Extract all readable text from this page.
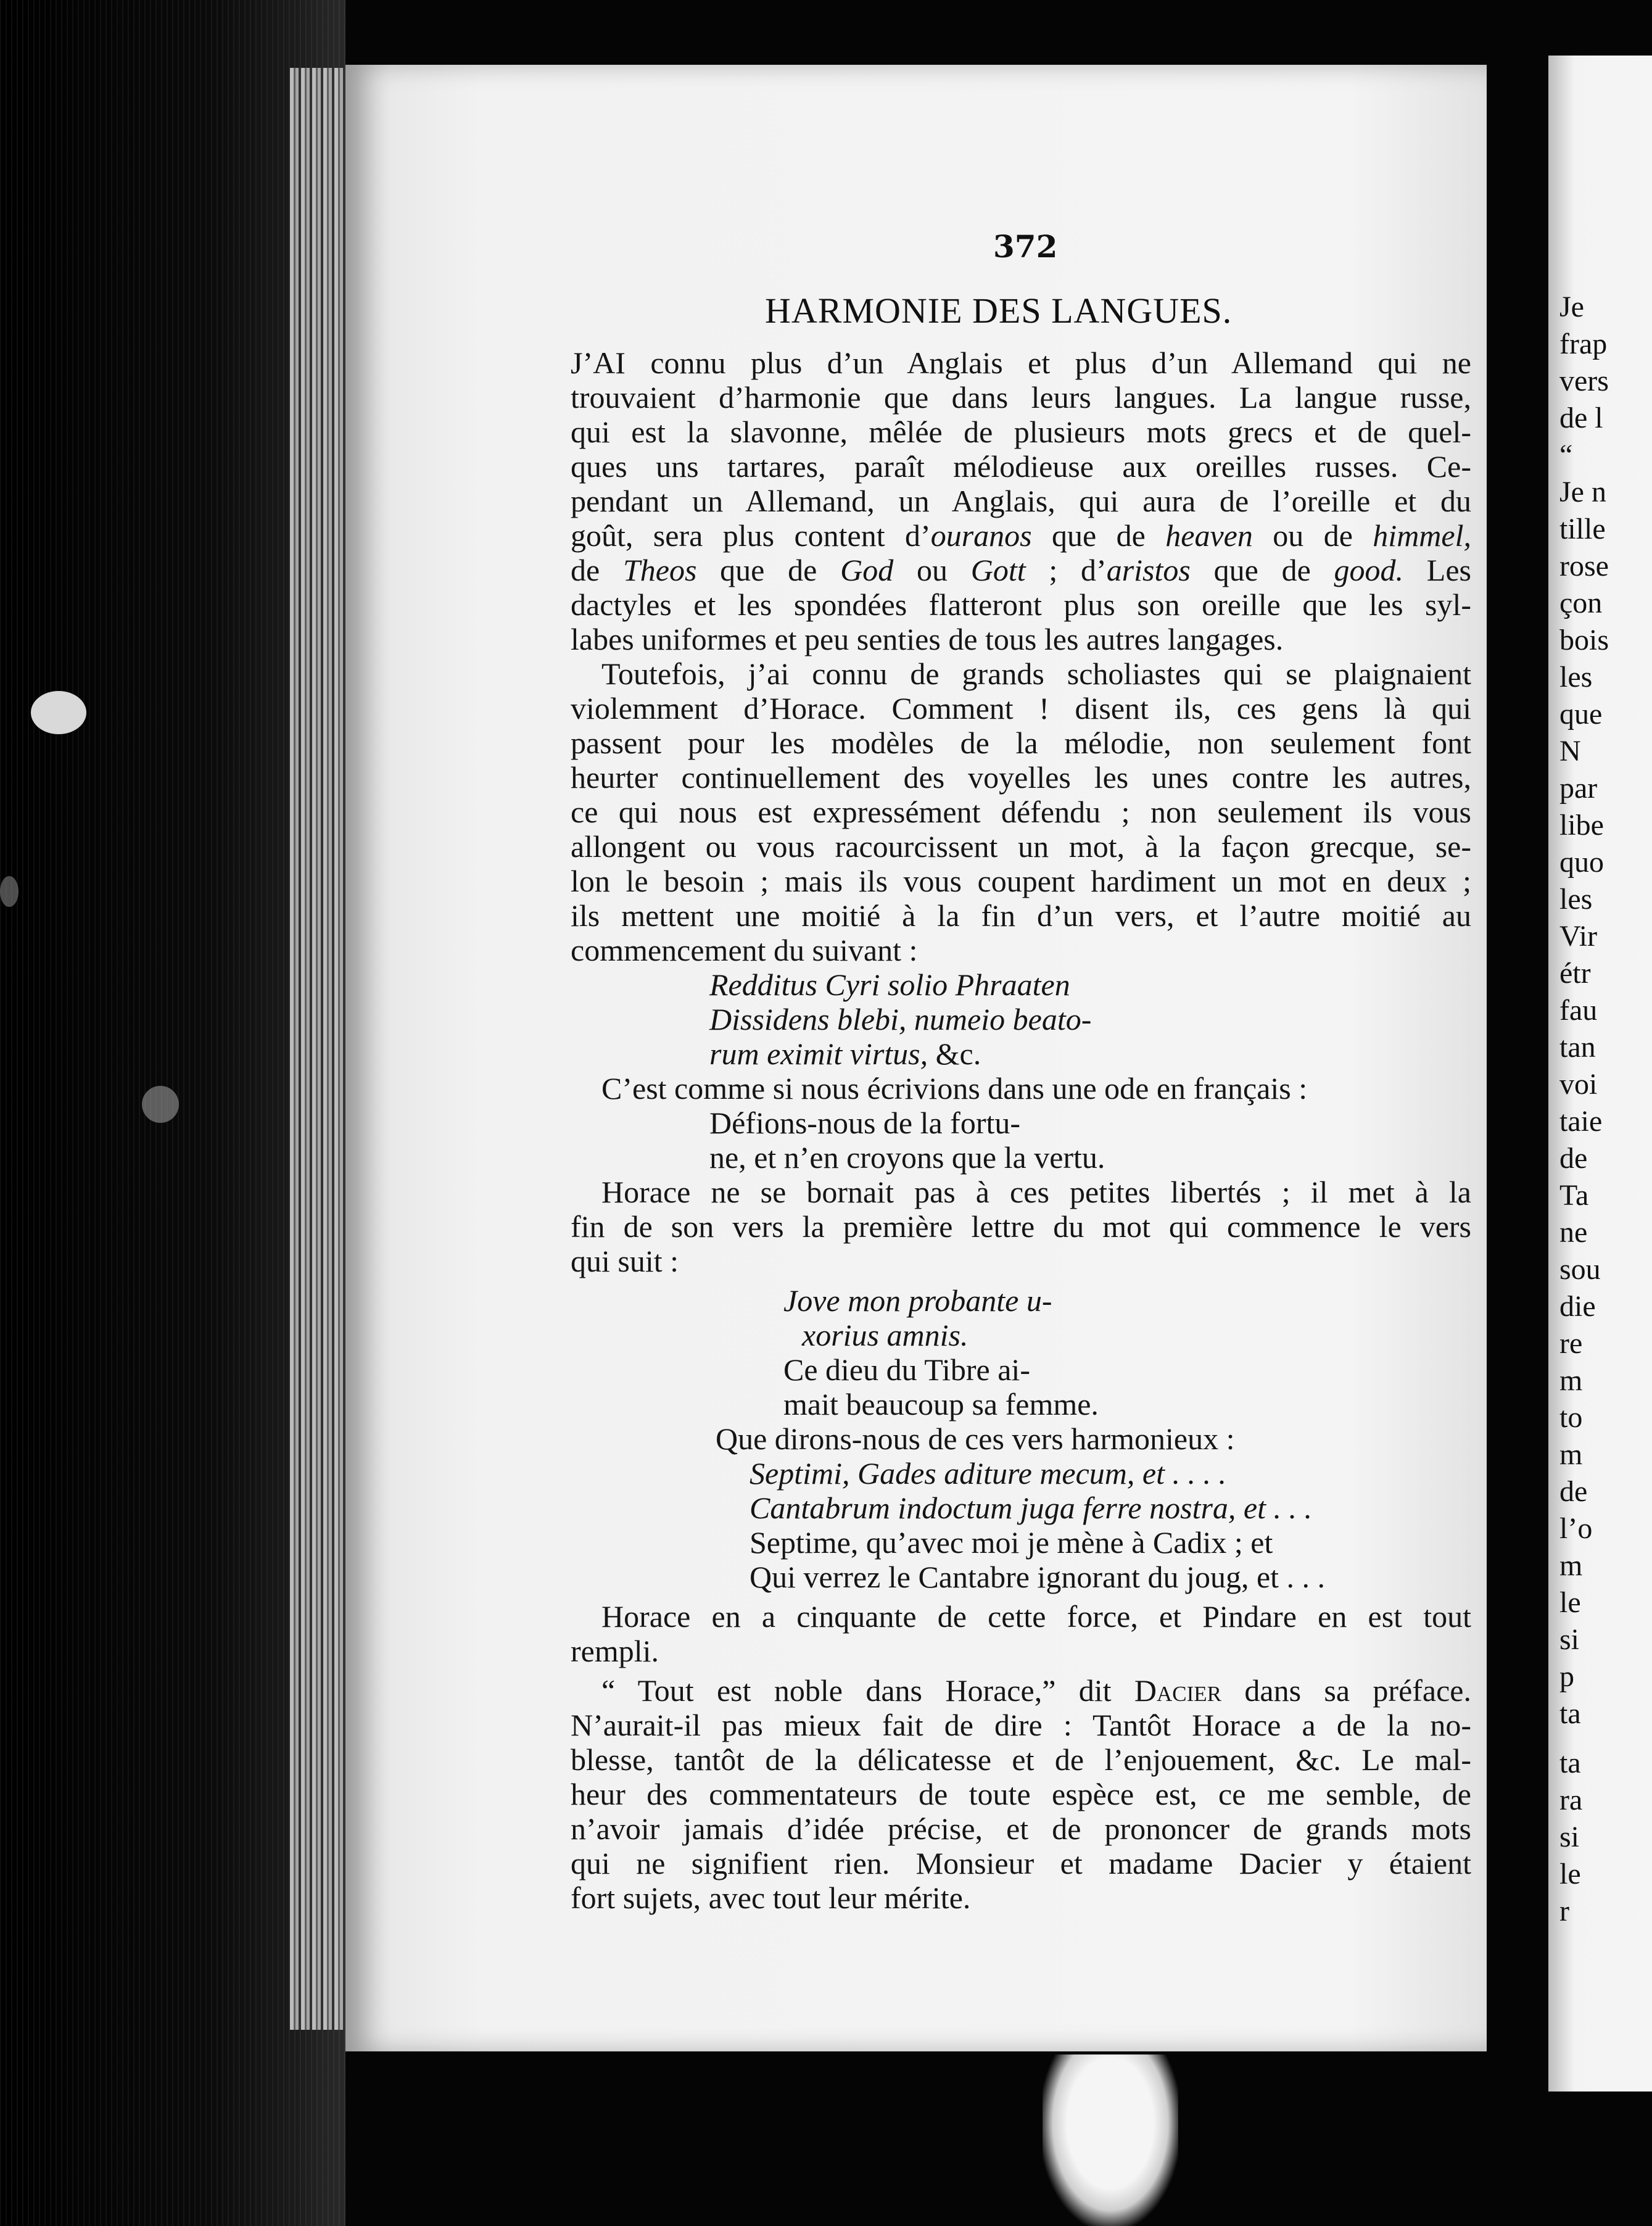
372
HARMONIE DES LANGUES.
J’AI connu plus d’un Anglais et plus d’un Allemand qui ne
trouvaient d’harmonie que dans leurs langues. La langue russe,
qui est la slavonne, mêlée de plusieurs mots grecs et de quel-
ques uns tartares, paraît mélodieuse aux oreilles russes. Ce-
pendant un Allemand, un Anglais, qui aura de l’oreille et du
goût, sera plus content d’ouranos que de heaven ou de himmel,
de Theos que de God ou Gott ; d’aristos que de good. Les
dactyles et les spondées flatteront plus son oreille que les syl-
labes uniformes et peu senties de tous les autres langages.
Toutefois, j’ai connu de grands scholiastes qui se plaignaient
violemment d’Horace. Comment ! disent ils, ces gens là qui
passent pour les modèles de la mélodie, non seulement font
heurter continuellement des voyelles les unes contre les autres,
ce qui nous est expressément défendu ; non seulement ils vous
allongent ou vous racourcissent un mot, à la façon grecque, se-
lon le besoin ; mais ils vous coupent hardiment un mot en deux ;
ils mettent une moitié à la fin d’un vers, et l’autre moitié au
commencement du suivant :
Redditus Cyri solio Phraaten
Dissidens blebi, numeio beato-
rum eximit virtus, &c.
C’est comme si nous écrivions dans une ode en français :
Défions-nous de la fortu-
ne, et n’en croyons que la vertu.
Horace ne se bornait pas à ces petites libertés ; il met à la
fin de son vers la première lettre du mot qui commence le vers
qui suit :
Jove mon probante u-
xorius amnis.
Ce dieu du Tibre ai-
mait beaucoup sa femme.
Que dirons-nous de ces vers harmonieux :
Septimi, Gades aditure mecum, et . . . .
Cantabrum indoctum juga ferre nostra, et . . .
Septime, qu’avec moi je mène à Cadix ; et
Qui verrez le Cantabre ignorant du joug, et . . .
Horace en a cinquante de cette force, et Pindare en est tout
rempli.
“ Tout est noble dans Horace,” dit Dacier dans sa préface.
N’aurait-il pas mieux fait de dire : Tantôt Horace a de la no-
blesse, tantôt de la délicatesse et de l’enjouement, &c. Le mal-
heur des commentateurs de toute espèce est, ce me semble, de
n’avoir jamais d’idée précise, et de prononcer de grands mots
qui ne signifient rien. Monsieur et madame Dacier y étaient
fort sujets, avec tout leur mérite.
Je
frap
vers
de l
“
Je n
tille
rose
çon
bois
les
que
N
par
libe
quo
les
Vir
étr
fau
tan
voi
taie
de
Ta
ne
sou
die
re
m
to
m
de
l’o
m
le
si
p
ta
ta
ra
si
le
r
